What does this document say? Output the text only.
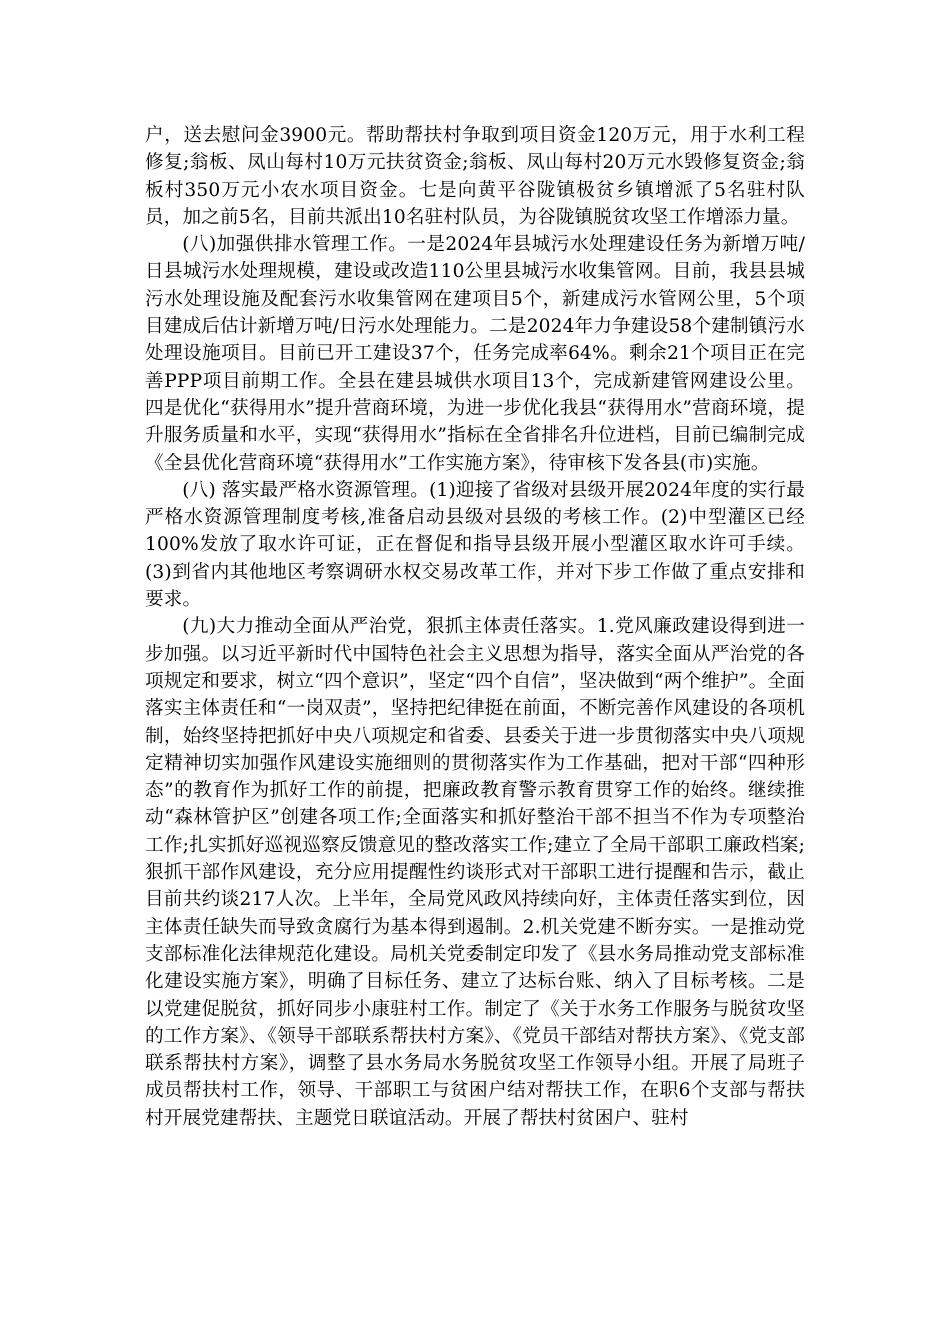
户，送去慰问金3900元。帮助帮扶村争取到项目资金120万元，用于水利工程修复;翁板、凤山每村10万元扶贫资金;翁板、凤山每村20万元水毁修复资金;翁板村350万元小农水项目资金。七是向黄平谷陇镇极贫乡镇增派了5名驻村队员，加之前5名，目前共派出10名驻村队员，为谷陇镇脱贫攻坚工作增添力量。

(八)加强供排水管理工作。一是2024年县城污水处理建设任务为新增万吨/日县城污水处理规模，建设或改造110公里县城污水收集管网。目前，我县县城污水处理设施及配套污水收集管网在建项目5个，新建成污水管网公里，5个项目建成后估计新增万吨/日污水处理能力。二是2024年力争建设58个建制镇污水处理设施项目。目前已开工建设37个，任务完成率64%。剩余21个项目正在完善PPP项目前期工作。全县在建县城供水项目13个，完成新建管网建设公里。四是优化“获得用水”提升营商环境，为进一步优化我县“获得用水”营商环境，提升服务质量和水平，实现“获得用水”指标在全省排名升位进档，目前已编制完成《全县优化营商环境“获得用水”工作实施方案》，待审核下发各县(市)实施。

(八) 落实最严格水资源管理。(1)迎接了省级对县级开展2024年度的实行最严格水资源管理制度考核,准备启动县级对县级的考核工作。(2)中型灌区已经100%发放了取水许可证，正在督促和指导县级开展小型灌区取水许可手续。(3)到省内其他地区考察调研水权交易改革工作，并对下步工作做了重点安排和要求。

(九)大力推动全面从严治党，狠抓主体责任落实。1.党风廉政建设得到进一步加强。以习近平新时代中国特色社会主义思想为指导，落实全面从严治党的各项规定和要求，树立“四个意识”，坚定“四个自信”，坚决做到“两个维护”。全面落实主体责任和“一岗双责”，坚持把纪律挺在前面，不断完善作风建设的各项机制，始终坚持把抓好中央八项规定和省委、县委关于进一步贯彻落实中央八项规定精神切实加强作风建设实施细则的贯彻落实作为工作基础，把对干部“四种形态”的教育作为抓好工作的前提，把廉政教育警示教育贯穿工作的始终。继续推动“森林管护区”创建各项工作;全面落实和抓好整治干部不担当不作为专项整治工作;扎实抓好巡视巡察反馈意见的整改落实工作;建立了全局干部职工廉政档案;狠抓干部作风建设，充分应用提醒性约谈形式对干部职工进行提醒和告示，截止目前共约谈217人次。上半年，全局党风政风持续向好，主体责任落实到位，因主体责任缺失而导致贪腐行为基本得到遏制。2.机关党建不断夯实。一是推动党支部标准化法律规范化建设。局机关党委制定印发了《县水务局推动党支部标准化建设实施方案》，明确了目标任务、建立了达标台账、纳入了目标考核。二是以党建促脱贫，抓好同步小康驻村工作。制定了《关于水务工作服务与脱贫攻坚的工作方案》、《领导干部联系帮扶村方案》、《党员干部结对帮扶方案》、《党支部联系帮扶村方案》，调整了县水务局水务脱贫攻坚工作领导小组。开展了局班子成员帮扶村工作，领导、干部职工与贫困户结对帮扶工作，在职6个支部与帮扶村开展党建帮扶、主题党日联谊活动。开展了帮扶村贫困户、驻村
